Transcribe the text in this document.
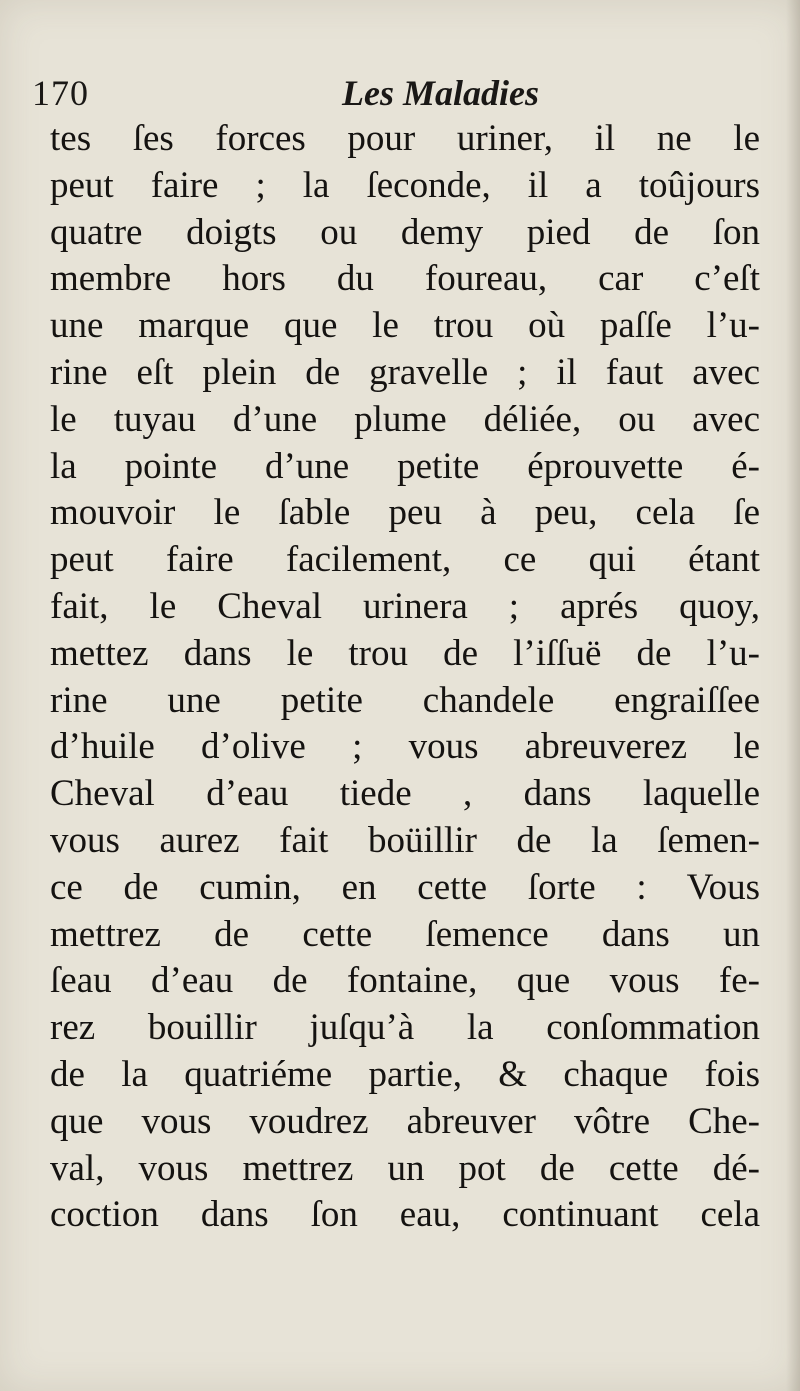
170	Les Maladies
tes ſes forces pour uriner, il ne le
peut faire ; la ſeconde, il a toûjours
quatre doigts ou demy pied de ſon
membre hors du foureau, car c’eſt
une marque que le trou où paſſe l’u-
rine eſt plein de gravelle ; il faut avec
le tuyau d’une plume déliée, ou avec
la pointe d’une petite éprouvette é-
mouvoir le ſable peu à peu, cela ſe
peut faire facilement, ce qui étant
fait, le Cheval urinera ; aprés quoy,
mettez dans le trou de l’iſſuë de l’u-
rine une petite chandele engraiſſee
d’huile d’olive ; vous abreuverez le
Cheval d’eau tiede , dans laquelle
vous aurez fait boüillir de la ſemen-
ce de cumin, en cette ſorte : Vous
mettrez de cette ſemence dans un
ſeau d’eau de fontaine, que vous fe-
rez bouillir juſqu’à la conſommation
de la quatriéme partie, & chaque fois
que vous voudrez abreuver vôtre Che-
val, vous mettrez un pot de cette dé-
coction dans ſon eau, continuant cela
